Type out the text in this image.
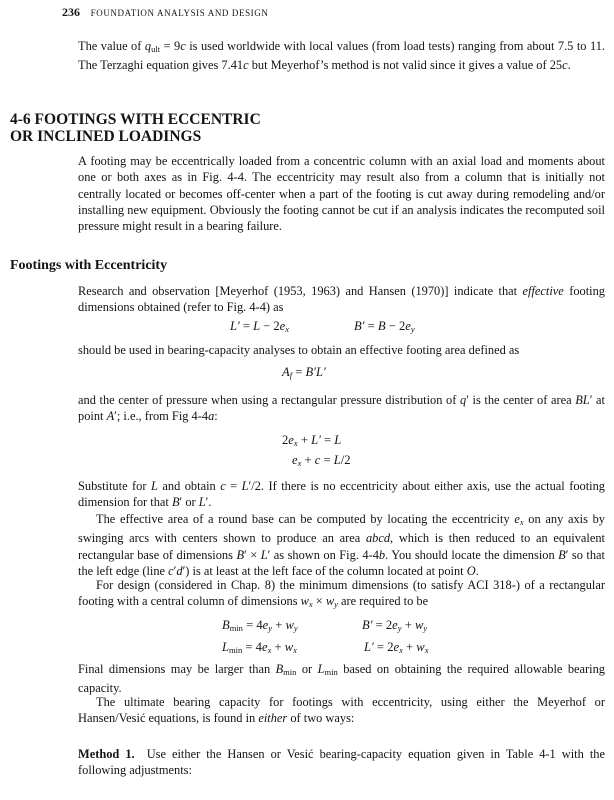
236 FOUNDATION ANALYSIS AND DESIGN
The value of $q_{ult} = 9c$ is used worldwide with local values (from load tests) ranging from about 7.5 to 11. The Terzaghi equation gives 7.41c but Meyerhof’s method is not valid since it gives a value of 25c.
4-6 FOOTINGS WITH ECCENTRIC
OR INCLINED LOADINGS
A footing may be eccentrically loaded from a concentric column with an axial load and moments about one or both axes as in Fig. 4-4. The eccentricity may result also from a column that is initially not centrally located or becomes off-center when a part of the footing is cut away during remodeling and/or installing new equipment. Obviously the footing cannot be cut if an analysis indicates the recomputed soil pressure might result in a bearing failure.
Footings with Eccentricity
Research and observation [Meyerhof (1953, 1963) and Hansen (1970)] indicate that effective footing dimensions obtained (refer to Fig. 4-4) as
$L' = L - 2e_x$	$B' = B - 2e_y$
should be used in bearing-capacity analyses to obtain an effective footing area defined as
$A_f = B'L'$
and the center of pressure when using a rectangular pressure distribution of q′ is the center of area BL′ at point A′; i.e., from Fig 4-4a:
$2e_x + L' = L$
$e_x + c = L/2$
Substitute for L and obtain c = L′/2. If there is no eccentricity about either axis, use the actual footing dimension for that B′ or L′.
The effective area of a round base can be computed by locating the eccentricity $e_x$ on any axis by swinging arcs with centers shown to produce an area abcd, which is then reduced to an equivalent rectangular base of dimensions B′ × L′ as shown on Fig. 4-4b. You should locate the dimension B′ so that the left edge (line c′d′) is at least at the left face of the column located at point O.
For design (considered in Chap. 8) the minimum dimensions (to satisfy ACI 318-) of a rectangular footing with a central column of dimensions $w_x \times w_y$ are required to be
$B_{min} = 4e_y + w_y$	$B' = 2e_y + w_y$
$L_{min} = 4e_x + w_x$	$L' = 2e_x + w_x$
Final dimensions may be larger than $B_{min}$ or $L_{min}$ based on obtaining the required allowable bearing capacity.
The ultimate bearing capacity for footings with eccentricity, using either the Meyerhof or Hansen/Vesić equations, is found in either of two ways:
Method 1. Use either the Hansen or Vesić bearing-capacity equation given in Table 4-1 with the following adjustments:
